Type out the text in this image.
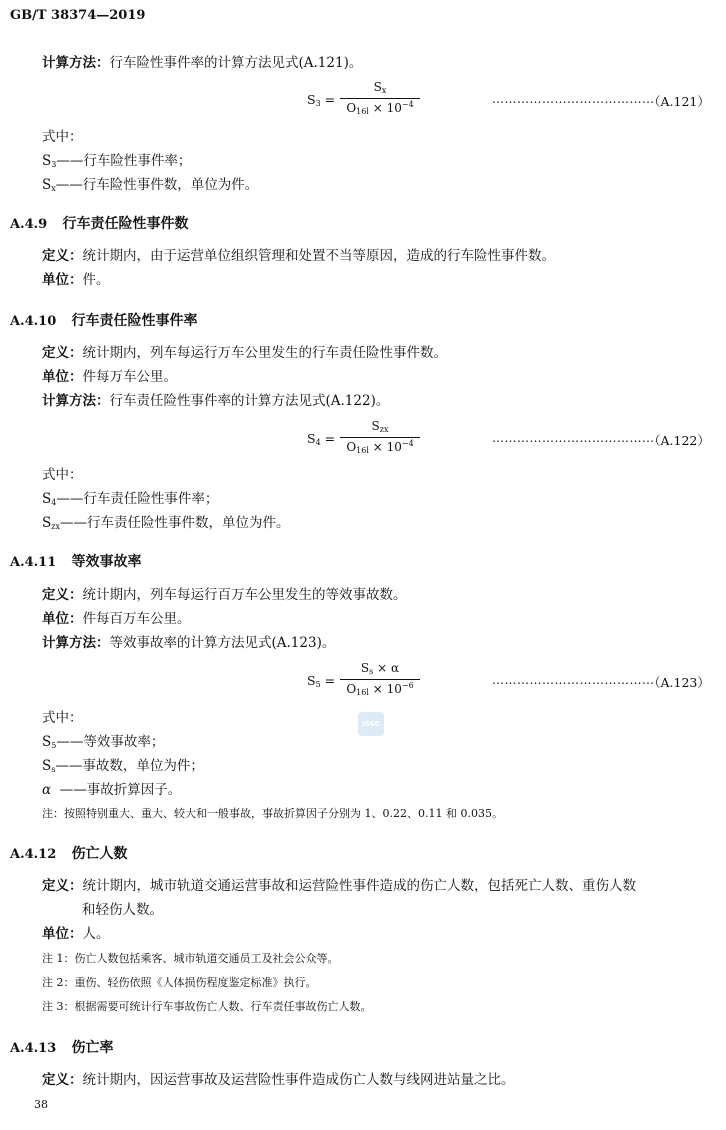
GB/T 38374—2019
计算方法：行车险性事件率的计算方法见式(A.121)。
$S_3$ =
$S_x$
$O_{16l} \times 10^{-4}$	…………………………………
（A.121）
式中：
$S_3——$行车险性事件率；
$S_x——$行车险性事件数，单位为件。
A.4.9 行车责任险性事件数
定义：统计期内，由于运营单位组织管理和处置不当等原因，造成的行车险性事件数。
单位：件。
A.4.10 行车责任险性事件率
定义：统计期内，列车每运行万车公里发生的行车责任险性事件数。
单位：件每万车公里。
计算方法：行车责任险性事件率的计算方法见式(A.122)。
$S_4$ =
$S_{zx}$
$O_{16l} \times 10^{-4}$	…………………………………
（A.122）
式中：
$S_4——$行车责任险性事件率；
$S_{zx}——$行车责任险性事件数，单位为件。
A.4.11 等效事故率
定义：统计期内，列车每运行百万车公里发生的等效事故数。
单位：件每百万车公里。
计算方法：等效事故率的计算方法见式(A.123)。
$S_5$ =
$S_s \times \alpha$
$O_{16l} \times 10^{-6}$	…………………………………
（A.123）
ISSC
式中：
$S_5——$等效事故率；
$S_s——$事故数，单位为件；
α ——事故折算因子。
注：按照特别重大、重大、较大和一般事故，事故折算因子分别为 1、0.22、0.11 和 0.035。
A.4.12 伤亡人数
定义：统计期内，城市轨道交通运营事故和运营险性事件造成的伤亡人数，包括死亡人数、重伤人数
和轻伤人数。
单位：人。
注 1：伤亡人数包括乘客、城市轨道交通员工及社会公众等。
注 2：重伤、轻伤依照《人体损伤程度鉴定标准》执行。
注 3：根据需要可统计行车事故伤亡人数、行车责任事故伤亡人数。
A.4.13 伤亡率
定义：统计期内，因运营事故及运营险性事件造成伤亡人数与线网进站量之比。
38
